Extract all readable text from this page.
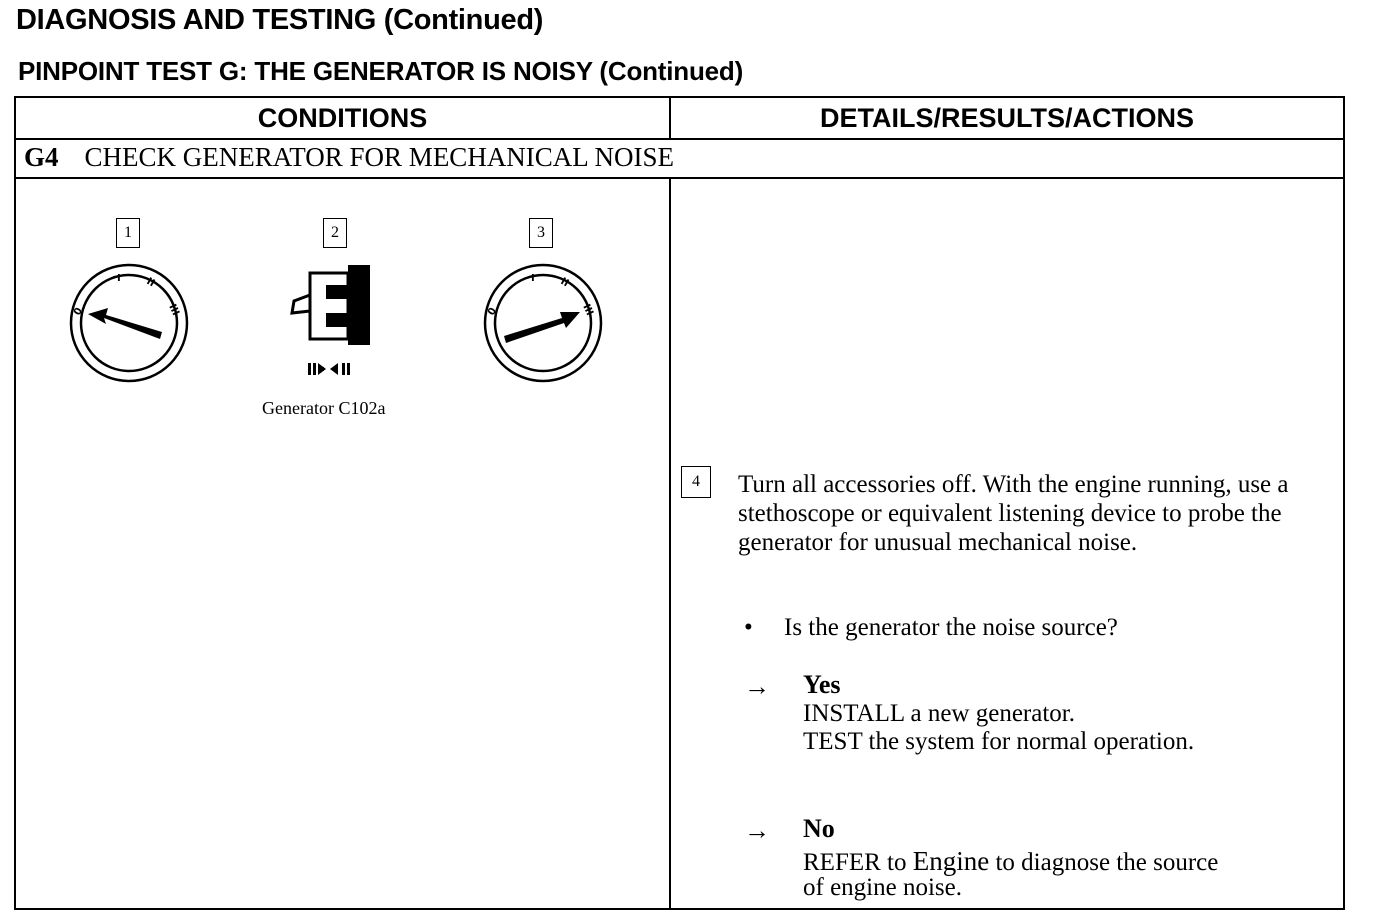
DIAGNOSIS AND TESTING (Continued)
PINPOINT TEST G: THE GENERATOR IS NOISY (Continued)
CONDITIONS	DETAILS/RESULTS/ACTIONS
G4 CHECK GENERATOR FOR MECHANICAL NOISE
1	2	3
0
I II
III
Generator C102a
0
I II
III
4	Turn all accessories off. With the engine running, use a stethoscope or equivalent listening device to probe the generator for unusual mechanical noise.
• Is the generator the noise source?
→ Yes
INSTALL a new generator.
TEST the system for normal operation.
→ No
REFER to Engine to diagnose the source
of engine noise.
